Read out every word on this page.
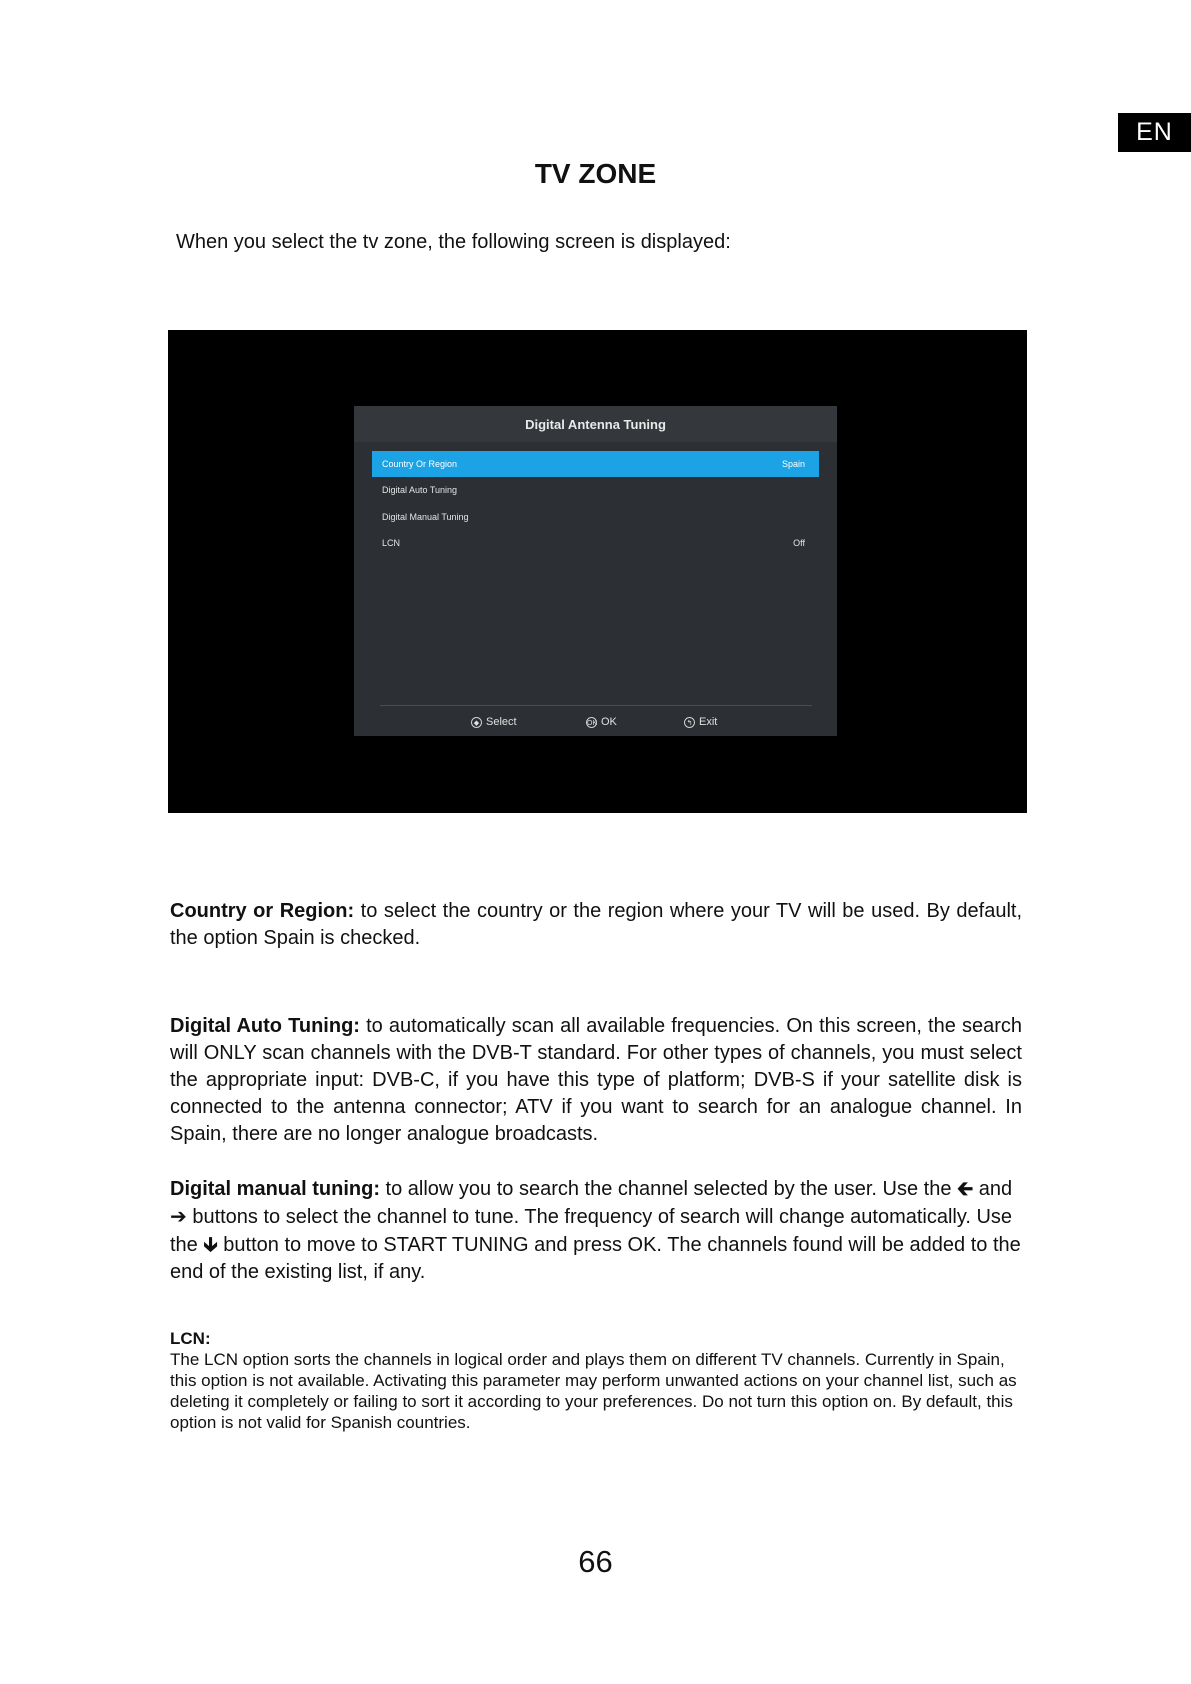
EN
TV ZONE
When you select the tv zone, the following screen is displayed:
Digital Antenna Tuning
Country Or Region	Spain
Digital Auto Tuning
Digital Manual Tuning
LCN	Off
◆ Select	OK OK	↰ Exit
Country or Region: to select the country or the region where your TV will be used. By default, the option Spain is checked.
Digital Auto Tuning: to automatically scan all available frequencies. On this screen, the search will ONLY scan channels with the DVB-T standard. For other types of channels, you must select the appropriate input: DVB-C, if you have this type of platform; DVB-S if your satellite disk is connected to the antenna connector; ATV if you want to search for an analogue channel. In Spain, there are no longer analogue broadcasts.
Digital manual tuning: to allow you to search the channel selected by the user. Use the 🡰 and ➔ buttons to select the channel to tune. The frequency of search will change automatically. Use the 🡳 button to move to START TUNING and press OK. The channels found will be added to the end of the existing list, if any.
LCN:
The LCN option sorts the channels in logical order and plays them on different TV channels. Currently in Spain, this option is not available. Activating this parameter may perform unwanted actions on your channel list, such as deleting it completely or failing to sort it according to your preferences. Do not turn this option on. By default, this option is not valid for Spanish countries.
66
